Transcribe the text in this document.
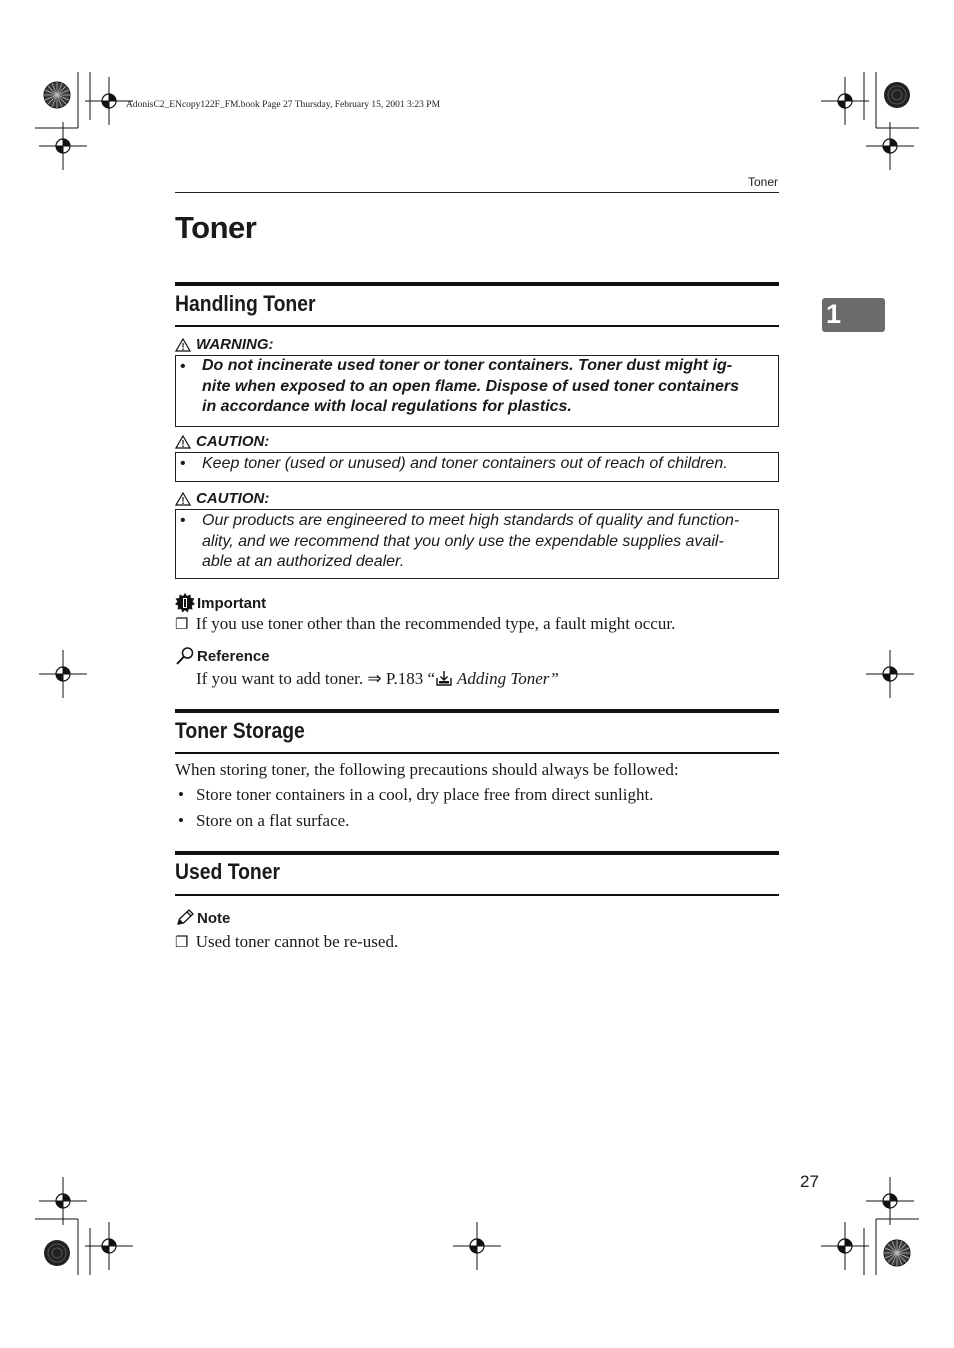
AdonisC2_ENcopy122F_FM.book Page 27 Thursday, February 15, 2001 3:23 PM
Toner
Toner
1
Handling Toner
WARNING:
• Do not incinerate used toner or toner containers. Toner dust might ig-
nite when exposed to an open flame. Dispose of used toner containers
in accordance with local regulations for plastics.
CAUTION:
• Keep toner (used or unused) and toner containers out of reach of children.
CAUTION:
• Our products are engineered to meet high standards of quality and function-
ality, and we recommend that you only use the expendable supplies avail-
able at an authorized dealer.
Important
❐ If you use toner other than the recommended type, a fault might occur.
Reference
If you want to add toner. ⇒ P.183 “ Adding Toner”
Toner Storage
When storing toner, the following precautions should always be followed:
• Store toner containers in a cool, dry place free from direct sunlight.
• Store on a flat surface.
Used Toner
Note
❐ Used toner cannot be re-used.
27
